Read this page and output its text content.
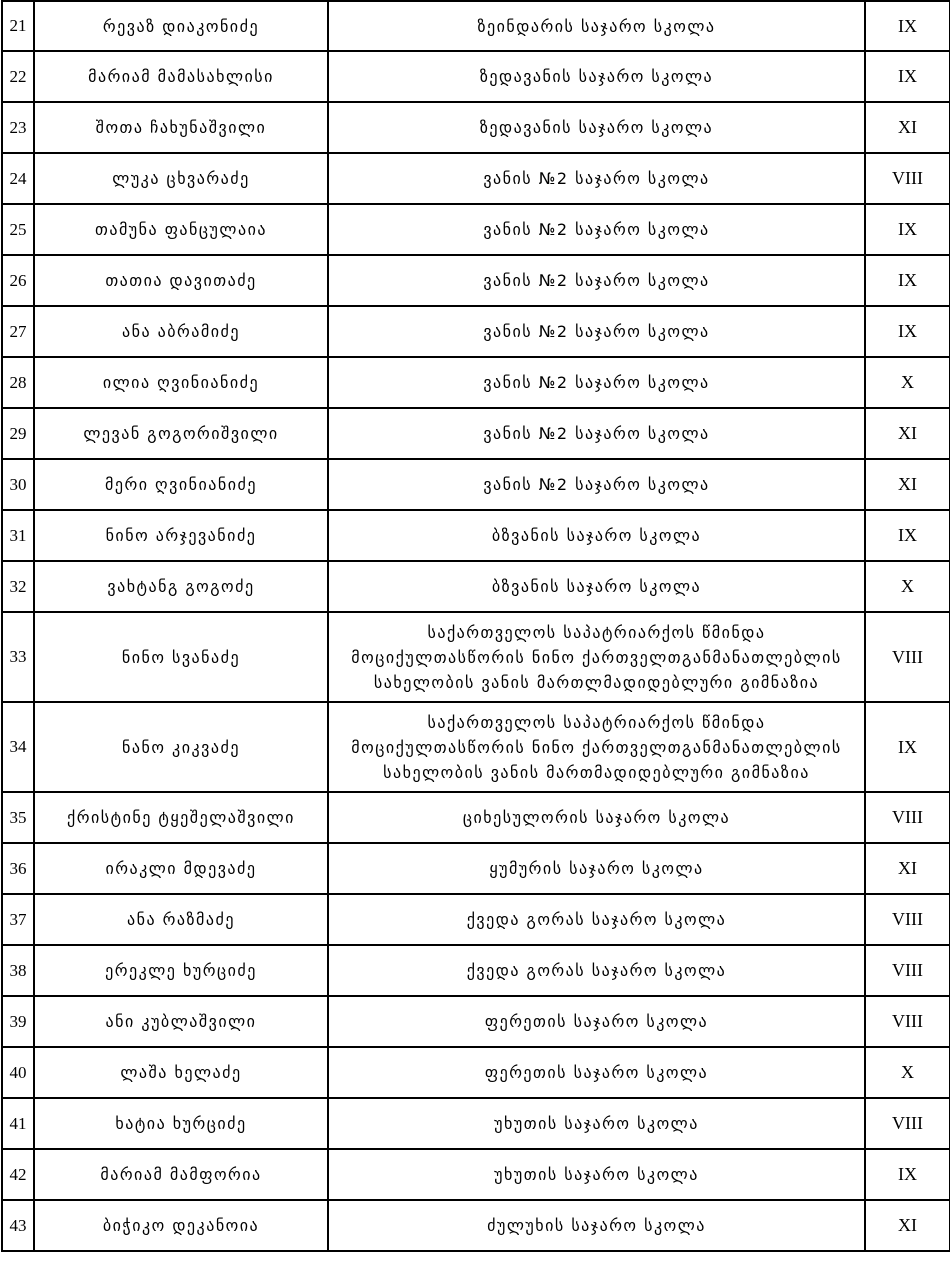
21	რევაზ დიაკონიძე	ზეინდარის საჯარო სკოლა	IX
22	მარიამ მამასახლისი	ზედავანის საჯარო სკოლა	IX
23	შოთა ჩახუნაშვილი	ზედავანის საჯარო სკოლა	XI
24	ლუკა ცხვარაძე	ვანის №2 საჯარო სკოლა	VIII
25	თამუნა ფანცულაია	ვანის №2 საჯარო სკოლა	IX
26	თათია დავითაძე	ვანის №2 საჯარო სკოლა	IX
27	ანა აბრამიძე	ვანის №2 საჯარო სკოლა	IX
28	ილია ღვინიანიძე	ვანის №2 საჯარო სკოლა	X
29	ლევან გოგორიშვილი	ვანის №2 საჯარო სკოლა	XI
30	მერი ღვინიანიძე	ვანის №2 საჯარო სკოლა	XI
31	ნინო არჯევანიძე	ბზვანის საჯარო სკოლა	IX
32	ვახტანგ გოგოძე	ბზვანის საჯარო სკოლა	X
33	ნინო სვანაძე	საქართველოს საპატრიარქოს წმინდა
მოციქულთასწორის ნინო ქართველთგანმანათლებლის
სახელობის ვანის მართლმადიდებლური გიმნაზია	VIII
34	ნანო კიკვაძე	საქართველოს საპატრიარქოს წმინდა
მოციქულთასწორის ნინო ქართველთგანმანათლებლის
სახელობის ვანის მართმადიდებლური გიმნაზია	IX
35	ქრისტინე ტყეშელაშვილი	ციხესულორის საჯარო სკოლა	VIII
36	ირაკლი მდევაძე	ყუმურის საჯარო სკოლა	XI
37	ანა რაზმაძე	ქვედა გორას საჯარო სკოლა	VIII
38	ერეკლე ხურციძე	ქვედა გორას საჯარო სკოლა	VIII
39	ანი კუბლაშვილი	ფერეთის საჯარო სკოლა	VIII
40	ლაშა ხელაძე	ფერეთის საჯარო სკოლა	X
41	ხატია ხურციძე	უხუთის საჯარო სკოლა	VIII
42	მარიამ მამფორია	უხუთის საჯარო სკოლა	IX
43	ბიჭიკო დეკანოია	ძულუხის საჯარო სკოლა	XI
